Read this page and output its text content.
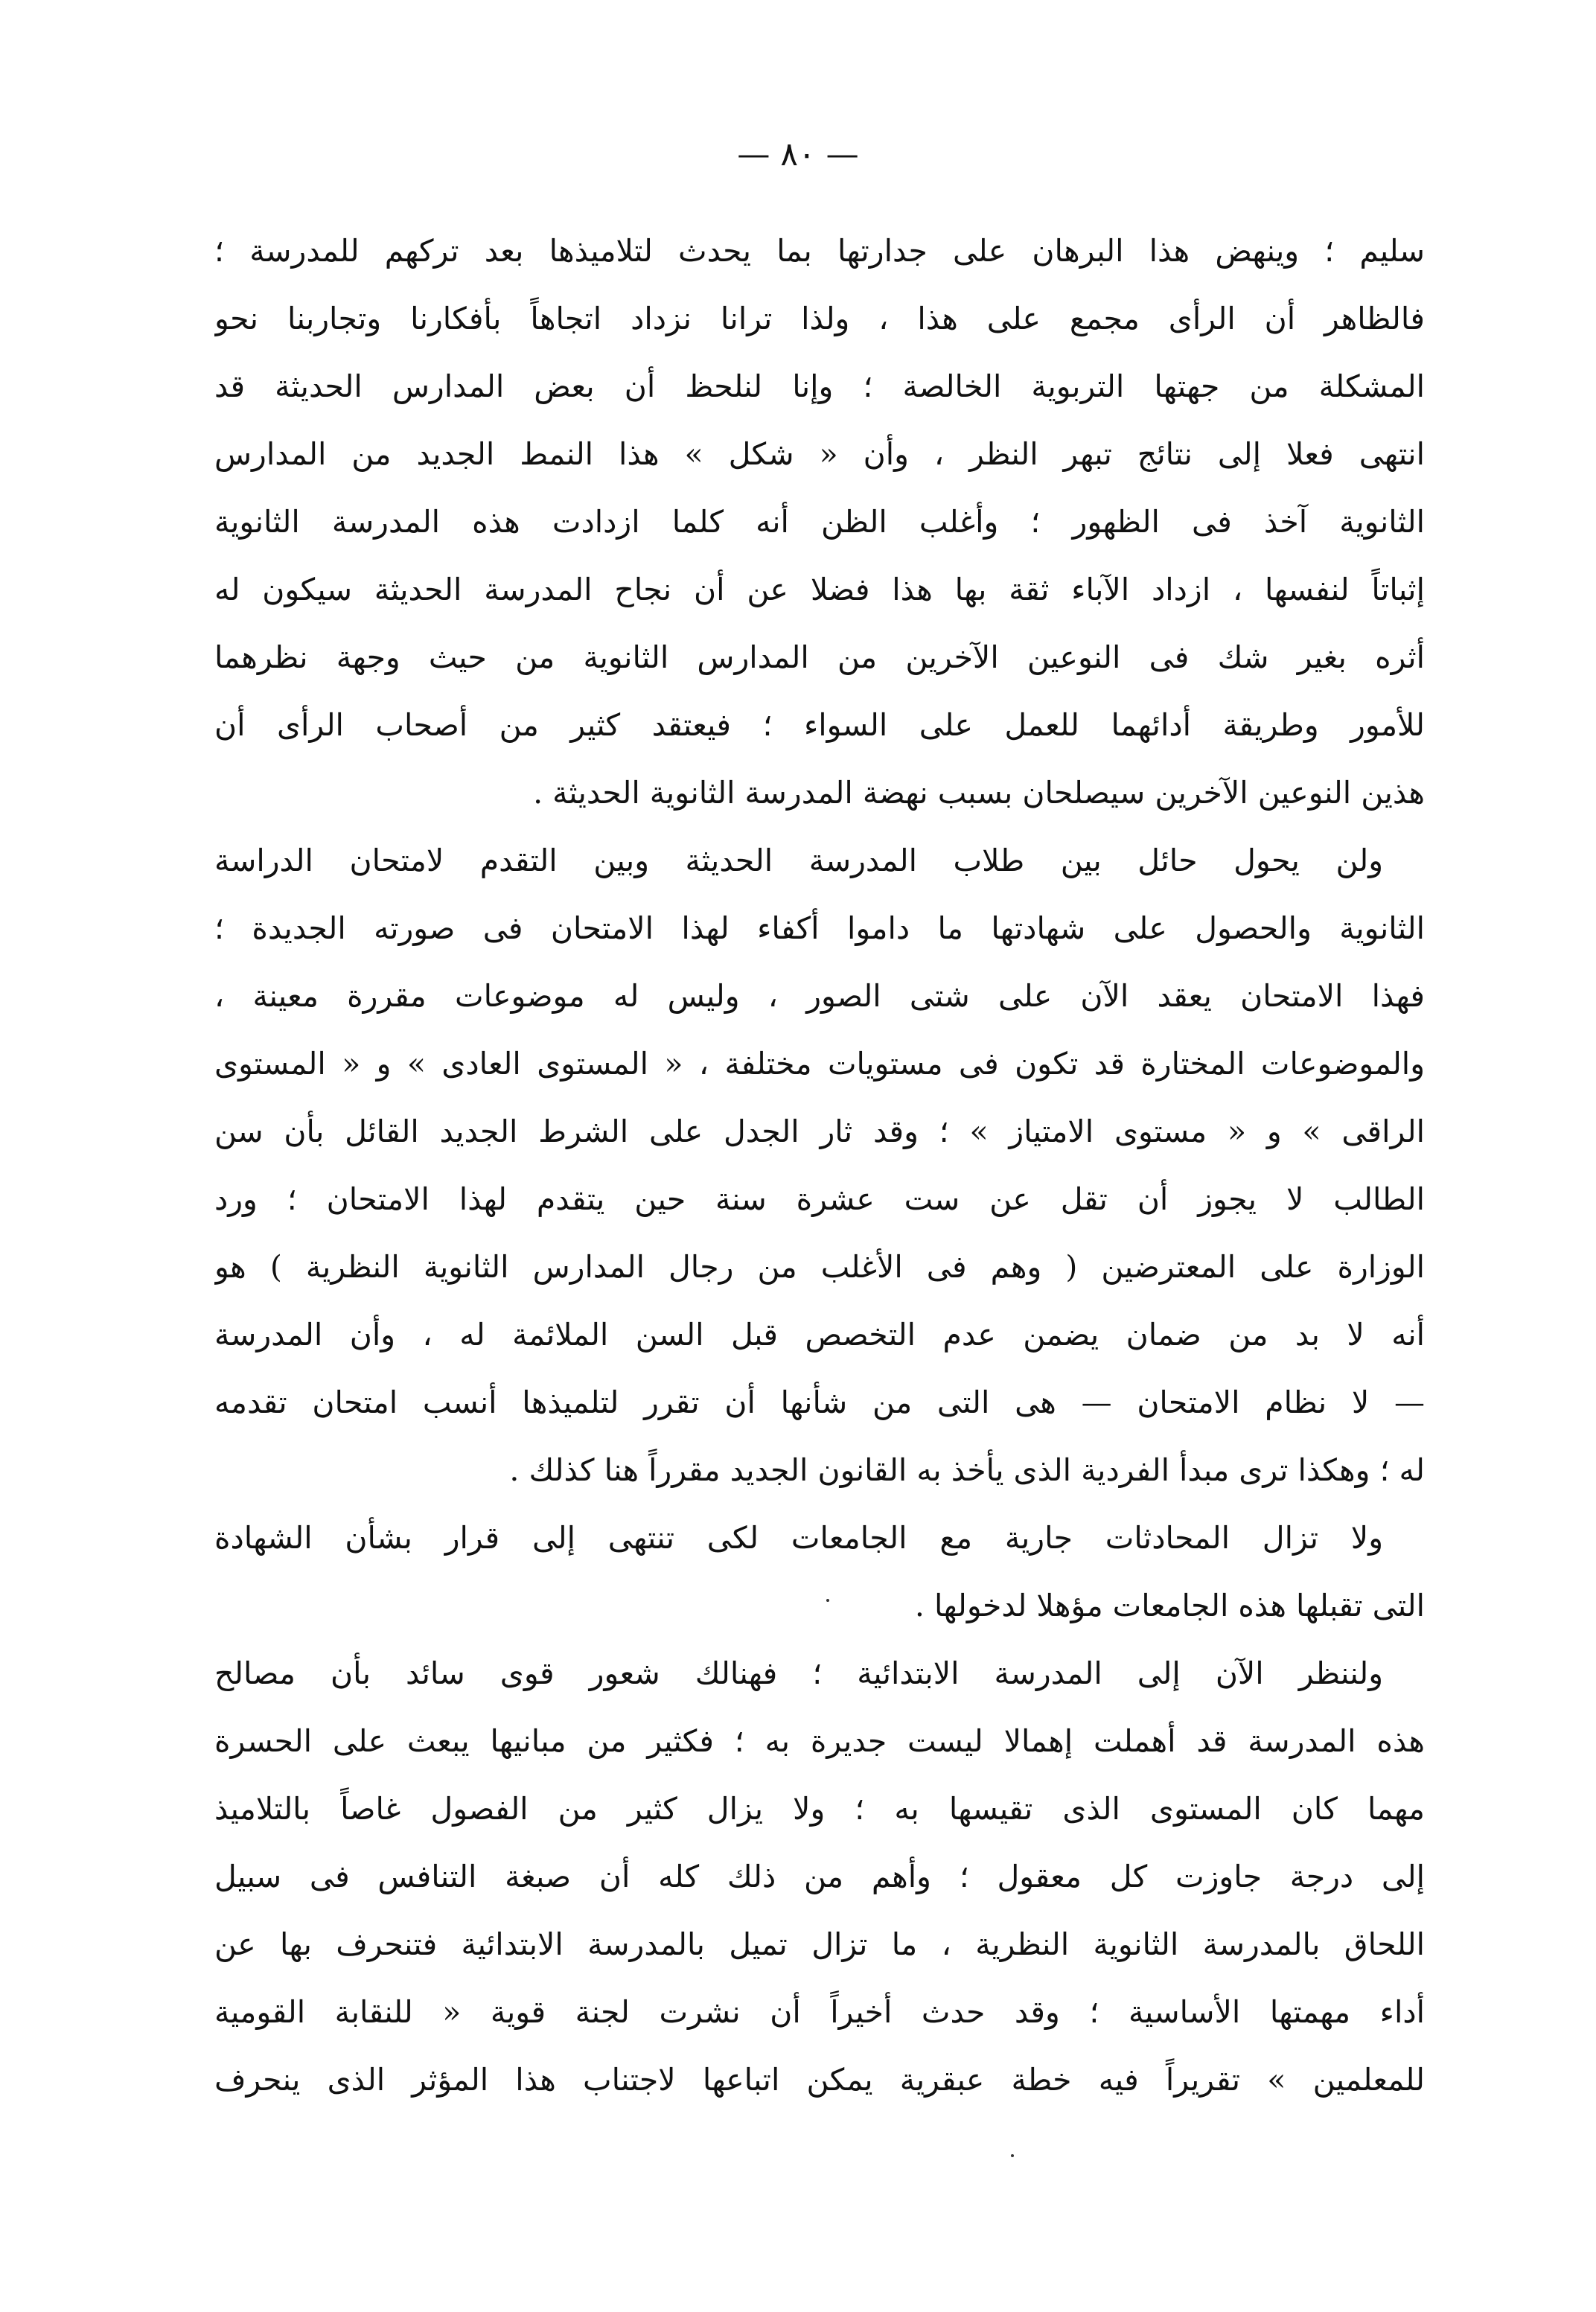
— ٨٠ —
سليم ؛ وينهض هذا البرهان على جدارتها بما يحدث لتلاميذها بعد تركهم للمدرسة ؛
فالظاهر أن الرأى مجمع على هذا ، ولذا ترانا نزداد اتجاهاً بأفكارنا وتجاربنا نحو
المشكلة من جهتها التربوية الخالصة ؛ وإنا لنلحظ أن بعض المدارس الحديثة قد
انتهى فعلا إلى نتائج تبهر النظر ، وأن « شكل » هذا النمط الجديد من المدارس
الثانوية آخذ فى الظهور ؛ وأغلب الظن أنه كلما ازدادت هذه المدرسة الثانوية
إثباتاً لنفسها ، ازداد الآباء ثقة بها هذا فضلا عن أن نجاح المدرسة الحديثة سيكون له
أثره بغير شك فى النوعين الآخرين من المدارس الثانوية من حيث وجهة نظرهما
للأمور وطريقة أدائهما للعمل على السواء ؛ فيعتقد كثير من أصحاب الرأى أن
هذين النوعين الآخرين سيصلحان بسبب نهضة المدرسة الثانوية الحديثة .
ولن يحول حائل بين طلاب المدرسة الحديثة وبين التقدم لامتحان الدراسة
الثانوية والحصول على شهادتها ما داموا أكفاء لهذا الامتحان فى صورته الجديدة ؛
فهذا الامتحان يعقد الآن على شتى الصور ، وليس له موضوعات مقررة معينة ،
والموضوعات المختارة قد تكون فى مستويات مختلفة ، « المستوى العادى » و « المستوى
الراقى » و « مستوى الامتياز » ؛ وقد ثار الجدل على الشرط الجديد القائل بأن سن
الطالب لا يجوز أن تقل عن ست عشرة سنة حين يتقدم لهذا الامتحان ؛ ورد
الوزارة على المعترضين ( وهم فى الأغلب من رجال المدارس الثانوية النظرية ) هو
أنه لا بد من ضمان يضمن عدم التخصص قبل السن الملائمة له ، وأن المدرسة
— لا نظام الامتحان — هى التى من شأنها أن تقرر لتلميذها أنسب امتحان تقدمه
له ؛ وهكذا ترى مبدأ الفردية الذى يأخذ به القانون الجديد مقرراً هنا كذلك .
ولا تزال المحادثات جارية مع الجامعات لكى تنتهى إلى قرار بشأن الشهادة
التى تقبلها هذه الجامعات مؤهلا لدخولها .
ولننظر الآن إلى المدرسة الابتدائية ؛ فهنالك شعور قوى سائد بأن مصالح
هذه المدرسة قد أهملت إهمالا ليست جديرة به ؛ فكثير من مبانيها يبعث على الحسرة
مهما كان المستوى الذى تقيسها به ؛ ولا يزال كثير من الفصول غاصاً بالتلاميذ
إلى درجة جاوزت كل معقول ؛ وأهم من ذلك كله أن صبغة التنافس فى سبيل
اللحاق بالمدرسة الثانوية النظرية ، ما تزال تميل بالمدرسة الابتدائية فتنحرف بها عن
أداء مهمتها الأساسية ؛ وقد حدث أخيراً أن نشرت لجنة قوية « للنقابة القومية
للمعلمين » تقريراً فيه خطة عبقرية يمكن اتباعها لاجتناب هذا المؤثر الذى ينحرف
